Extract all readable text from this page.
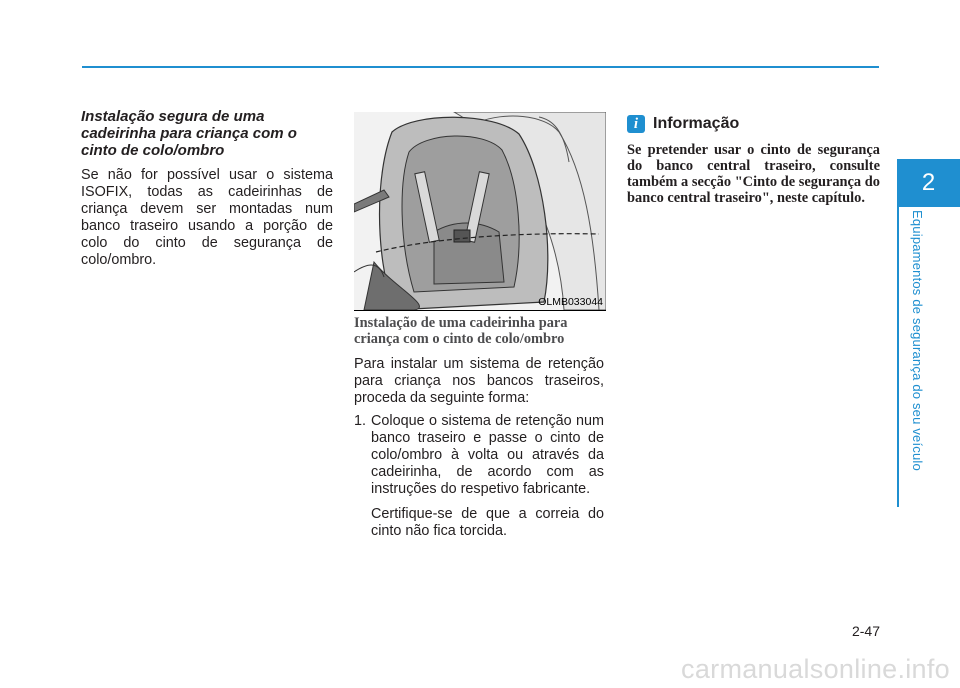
2
Equipamentos de segurança do seu veículo

Instalação segura de uma cadeirinha para criança com o cinto de colo/ombro

Se não for possível usar o sistema ISOFIX, todas as cadeirinhas de criança devem ser montadas num banco traseiro usando a porção de colo do cinto de segurança de colo/ombro.

OLMB033044

Instalação de uma cadeirinha para criança com o cinto de colo/ombro

Para instalar um sistema de retenção para criança nos bancos traseiros, proceda da seguinte forma:

1. Coloque o sistema de retenção num banco traseiro e passe o cinto de colo/ombro à volta ou através da cadeirinha, de acordo com as instruções do respetivo fabricante.

Certifique-se de que a correia do cinto não fica torcida.

i Informação

Se pretender usar o cinto de segurança do banco central traseiro, consulte também a secção "Cinto de segurança do banco central traseiro", neste capítulo.

2-47
carmanualsonline.info
